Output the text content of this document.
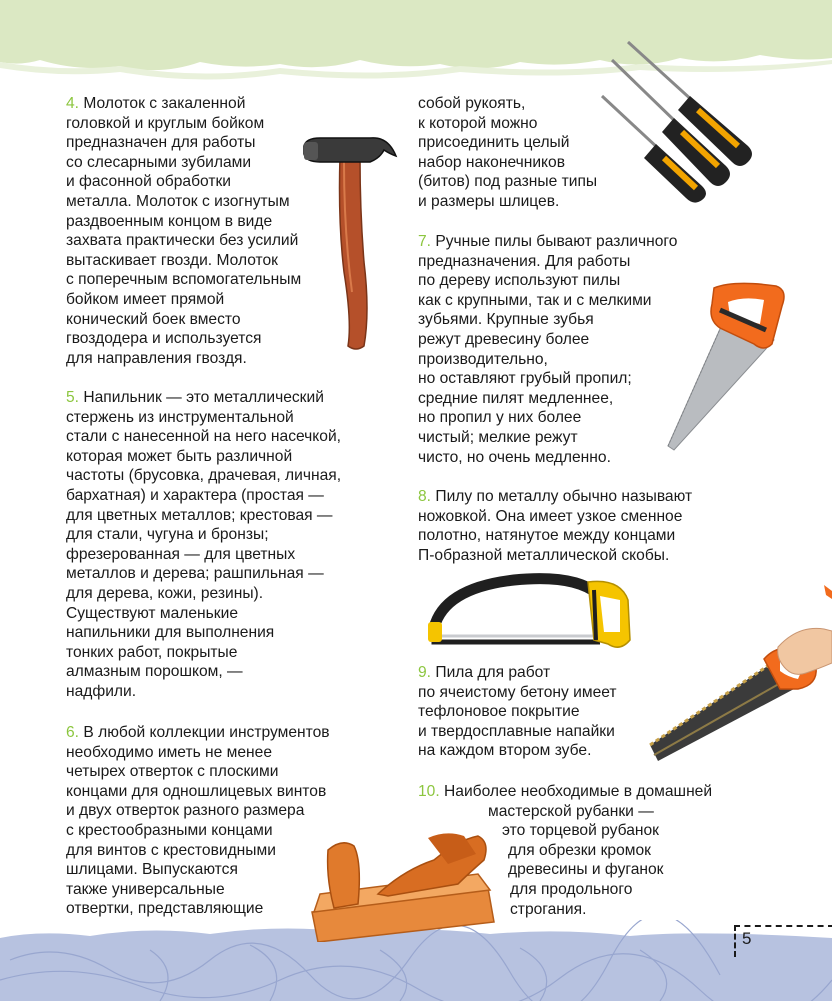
4. Молоток с закаленной
головкой и круглым бойком
предназначен для работы
со слесарными зубилами
и фасонной обработки
металла. Молоток с изогнутым
раздвоенным концом в виде
захвата практически без усилий
вытаскивает гвозди. Молоток
с поперечным вспомогательным
бойком имеет прямой
конический боек вместо
гвоздодера и используется
для направления гвоздя.
5. Напильник — это металлический
стержень из инструментальной
стали с нанесенной на него насечкой,
которая может быть различной
частоты (брусовка, драчевая, личная,
бархатная) и характера (простая —
для цветных металлов; крестовая —
для стали, чугуна и бронзы;
фрезерованная — для цветных
металлов и дерева; рашпильная —
для дерева, кожи, резины).
Существуют маленькие
напильники для выполнения
тонких работ, покрытые
алмазным порошком, —
надфили.
6. В любой коллекции инструментов
необходимо иметь не менее
четырех отверток с плоскими
концами для одношлицевых винтов
и двух отверток разного размера
с крестообразными концами
для винтов с крестовидными
шлицами. Выпускаются
также универсальные
отвертки, представляющие
собой рукоять,
к которой можно
присоединить целый
набор наконечников
(битов) под разные типы
и размеры шлицев.
7. Ручные пилы бывают различного
предназначения. Для работы
по дереву используют пилы
как с крупными, так и с мелкими
зубьями. Крупные зубья
режут древесину более
производительно,
но оставляют грубый пропил;
средние пилят медленнее,
но пропил у них более
чистый; мелкие режут
чисто, но очень медленно.
8. Пилу по металлу обычно называют
ножовкой. Она имеет узкое сменное
полотно, натянутое между концами
П-образной металлической скобы.
9. Пила для работ
по ячеистому бетону имеет
тефлоновое покрытие
и твердосплавные напайки
на каждом втором зубе.
10. Наиболее необходимые в домашней
мастерской рубанки —
это торцевой рубанок
для обрезки кромок
древесины и фуганок
для продольного
строгания.
5
